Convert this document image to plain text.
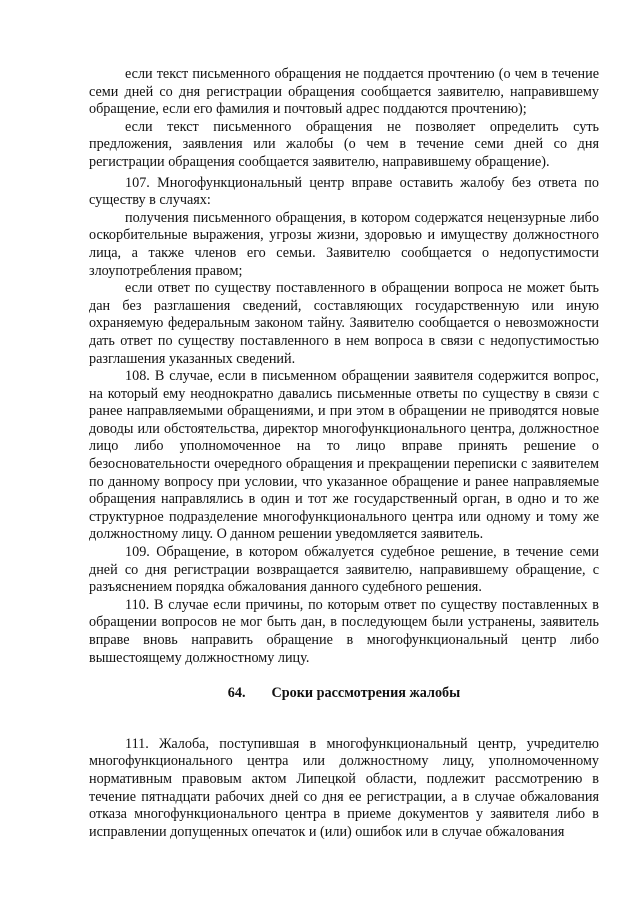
если текст письменного обращения не поддается прочтению (о чем в течение семи дней со дня регистрации обращения сообщается заявителю, направившему обращение, если его фамилия и почтовый адрес поддаются прочтению);

если текст письменного обращения не позволяет определить суть предложения, заявления или жалобы (о чем в течение семи дней со дня регистрации обращения сообщается заявителю, направившему обращение).

107. Многофункциональный центр вправе оставить жалобу без ответа по существу в случаях:

получения письменного обращения, в котором содержатся нецензурные либо оскорбительные выражения, угрозы жизни, здоровью и имуществу должностного лица, а также членов его семьи. Заявителю сообщается о недопустимости злоупотребления правом;

если ответ по существу поставленного в обращении вопроса не может быть дан без разглашения сведений, составляющих государственную или иную охраняемую федеральным законом тайну. Заявителю сообщается о невозможности дать ответ по существу поставленного в нем вопроса в связи с недопустимостью разглашения указанных сведений.

108. В случае, если в письменном обращении заявителя содержится вопрос, на который ему неоднократно давались письменные ответы по существу в связи с ранее направляемыми обращениями, и при этом в обращении не приводятся новые доводы или обстоятельства, директор многофункционального центра, должностное лицо либо уполномоченное на то лицо вправе принять решение о безосновательности очередного обращения и прекращении переписки с заявителем по данному вопросу при условии, что указанное обращение и ранее направляемые обращения направлялись в один и тот же государственный орган, в одно и то же структурное подразделение многофункционального центра или одному и тому же должностному лицу. О данном решении уведомляется заявитель.

109. Обращение, в котором обжалуется судебное решение, в течение семи дней со дня регистрации возвращается заявителю, направившему обращение, с разъяснением порядка обжалования данного судебного решения.

110. В случае если причины, по которым ответ по существу поставленных в обращении вопросов не мог быть дан, в последующем были устранены, заявитель вправе вновь направить обращение в многофункциональный центр либо вышестоящему должностному лицу.

64. Сроки рассмотрения жалобы

111. Жалоба, поступившая в многофункциональный центр, учредителю многофункционального центра или должностному лицу, уполномоченному нормативным правовым актом Липецкой области, подлежит рассмотрению в течение пятнадцати рабочих дней со дня ее регистрации, а в случае обжалования отказа многофункционального центра в приеме документов у заявителя либо в исправлении допущенных опечаток и (или) ошибок или в случае обжалования
